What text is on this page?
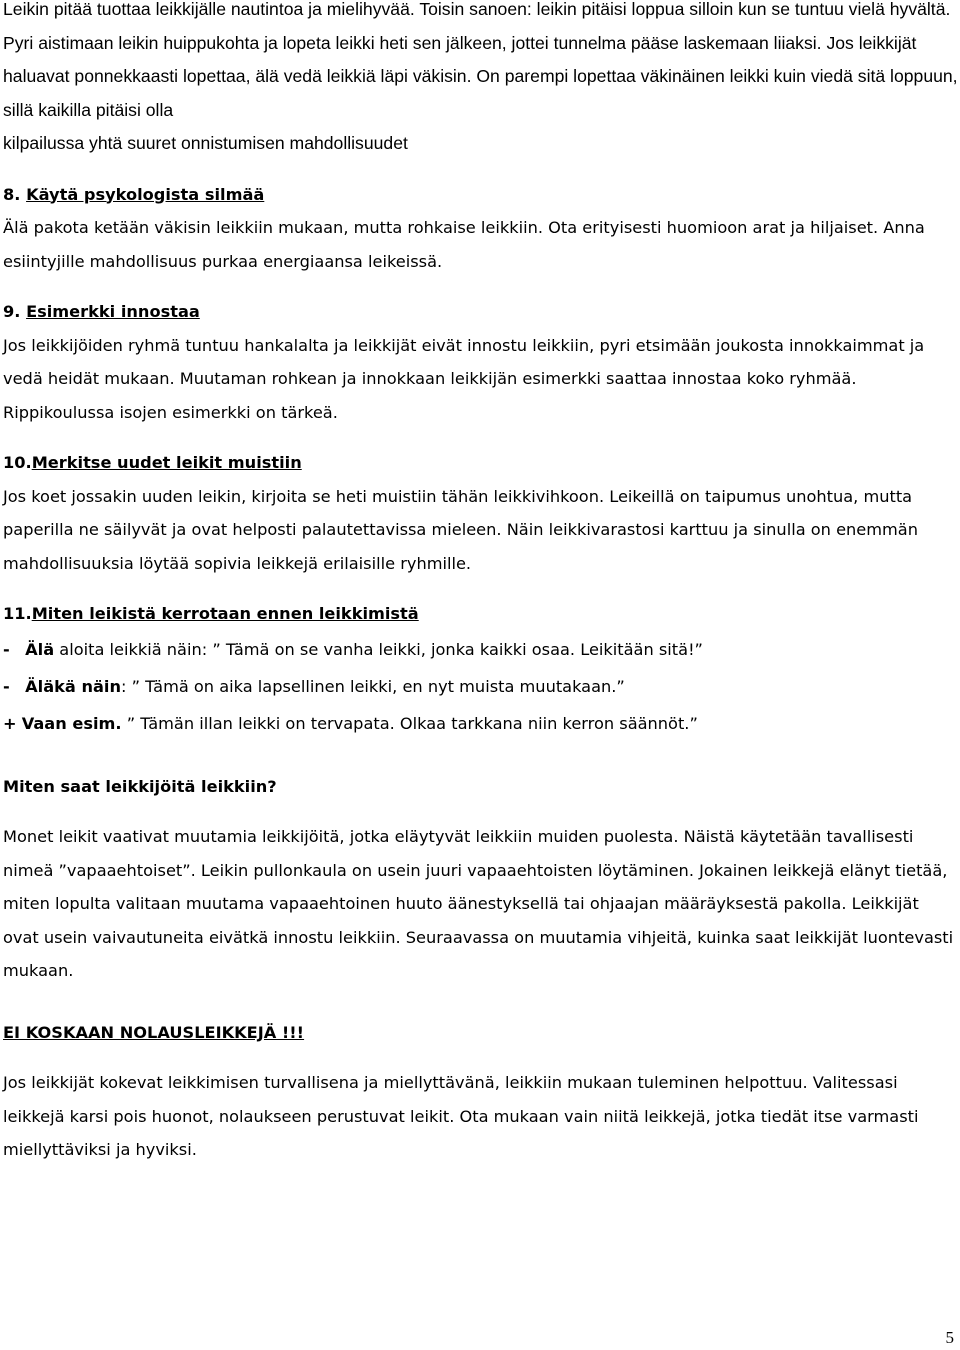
Leikin pitää tuottaa leikkijälle nautintoa ja mielihyvää. Toisin sanoen: leikin pitäisi loppua silloin kun se tuntuu vielä hyvältä. Pyri aistimaan leikin huippukohta ja lopeta leikki heti sen jälkeen, jottei tunnelma pääse laskemaan liiaksi. Jos leikkijät haluavat ponnekkaasti lopettaa, älä vedä leikkiä läpi väkisin. On parempi lopettaa väkinäinen leikki kuin viedä sitä loppuun, sillä kaikilla pitäisi olla
kilpailussa yhtä suuret onnistumisen mahdollisuudet

8. Käytä psykologista silmää

Älä pakota ketään väkisin leikkiin mukaan, mutta rohkaise leikkiin. Ota erityisesti huomioon arat ja hiljaiset. Anna esiintyjille mahdollisuus purkaa energiaansa leikeissä.

9. Esimerkki innostaa

Jos leikkijöiden ryhmä tuntuu hankalalta ja leikkijät eivät innostu leikkiin, pyri etsimään joukosta innokkaimmat ja vedä heidät mukaan. Muutaman rohkean ja innokkaan leikkijän esimerkki saattaa innostaa koko ryhmää. Rippikoulussa isojen esimerkki on tärkeä.

10.Merkitse uudet leikit muistiin

Jos koet jossakin uuden leikin, kirjoita se heti muistiin tähän leikkivihkoon. Leikeillä on taipumus unohtua, mutta paperilla ne säilyvät ja ovat helposti palautettavissa mieleen. Näin leikkivarastosi karttuu ja sinulla on enemmän mahdollisuuksia löytää sopivia leikkejä erilaisille ryhmille.

11.Miten leikistä kerrotaan ennen leikkimistä

- Älä aloita leikkiä näin: ” Tämä on se vanha leikki, jonka kaikki osaa. Leikitään sitä!”

- Äläkä näin: ” Tämä on aika lapsellinen leikki, en nyt muista muutakaan.”

+ Vaan esim. ” Tämän illan leikki on tervapata. Olkaa tarkkana niin kerron säännöt.”

Miten saat leikkijöitä leikkiin?

Monet leikit vaativat muutamia leikkijöitä, jotka eläytyvät leikkiin muiden puolesta. Näistä käytetään tavallisesti nimeä ”vapaaehtoiset”. Leikin pullonkaula on usein juuri vapaaehtoisten löytäminen. Jokainen leikkejä elänyt tietää, miten lopulta valitaan muutama vapaaehtoinen huuto äänestyksellä tai ohjaajan määräyksestä pakolla. Leikkijät ovat usein vaivautuneita eivätkä innostu leikkiin. Seuraavassa on muutamia vihjeitä, kuinka saat leikkijät luontevasti mukaan.

EI KOSKAAN NOLAUSLEIKKEJÄ !!!

Jos leikkijät kokevat leikkimisen turvallisena ja miellyttävänä, leikkiin mukaan tuleminen helpottuu. Valitessasi leikkejä karsi pois huonot, nolaukseen perustuvat leikit. Ota mukaan vain niitä leikkejä, jotka tiedät itse varmasti miellyttäviksi ja hyviksi.

5
